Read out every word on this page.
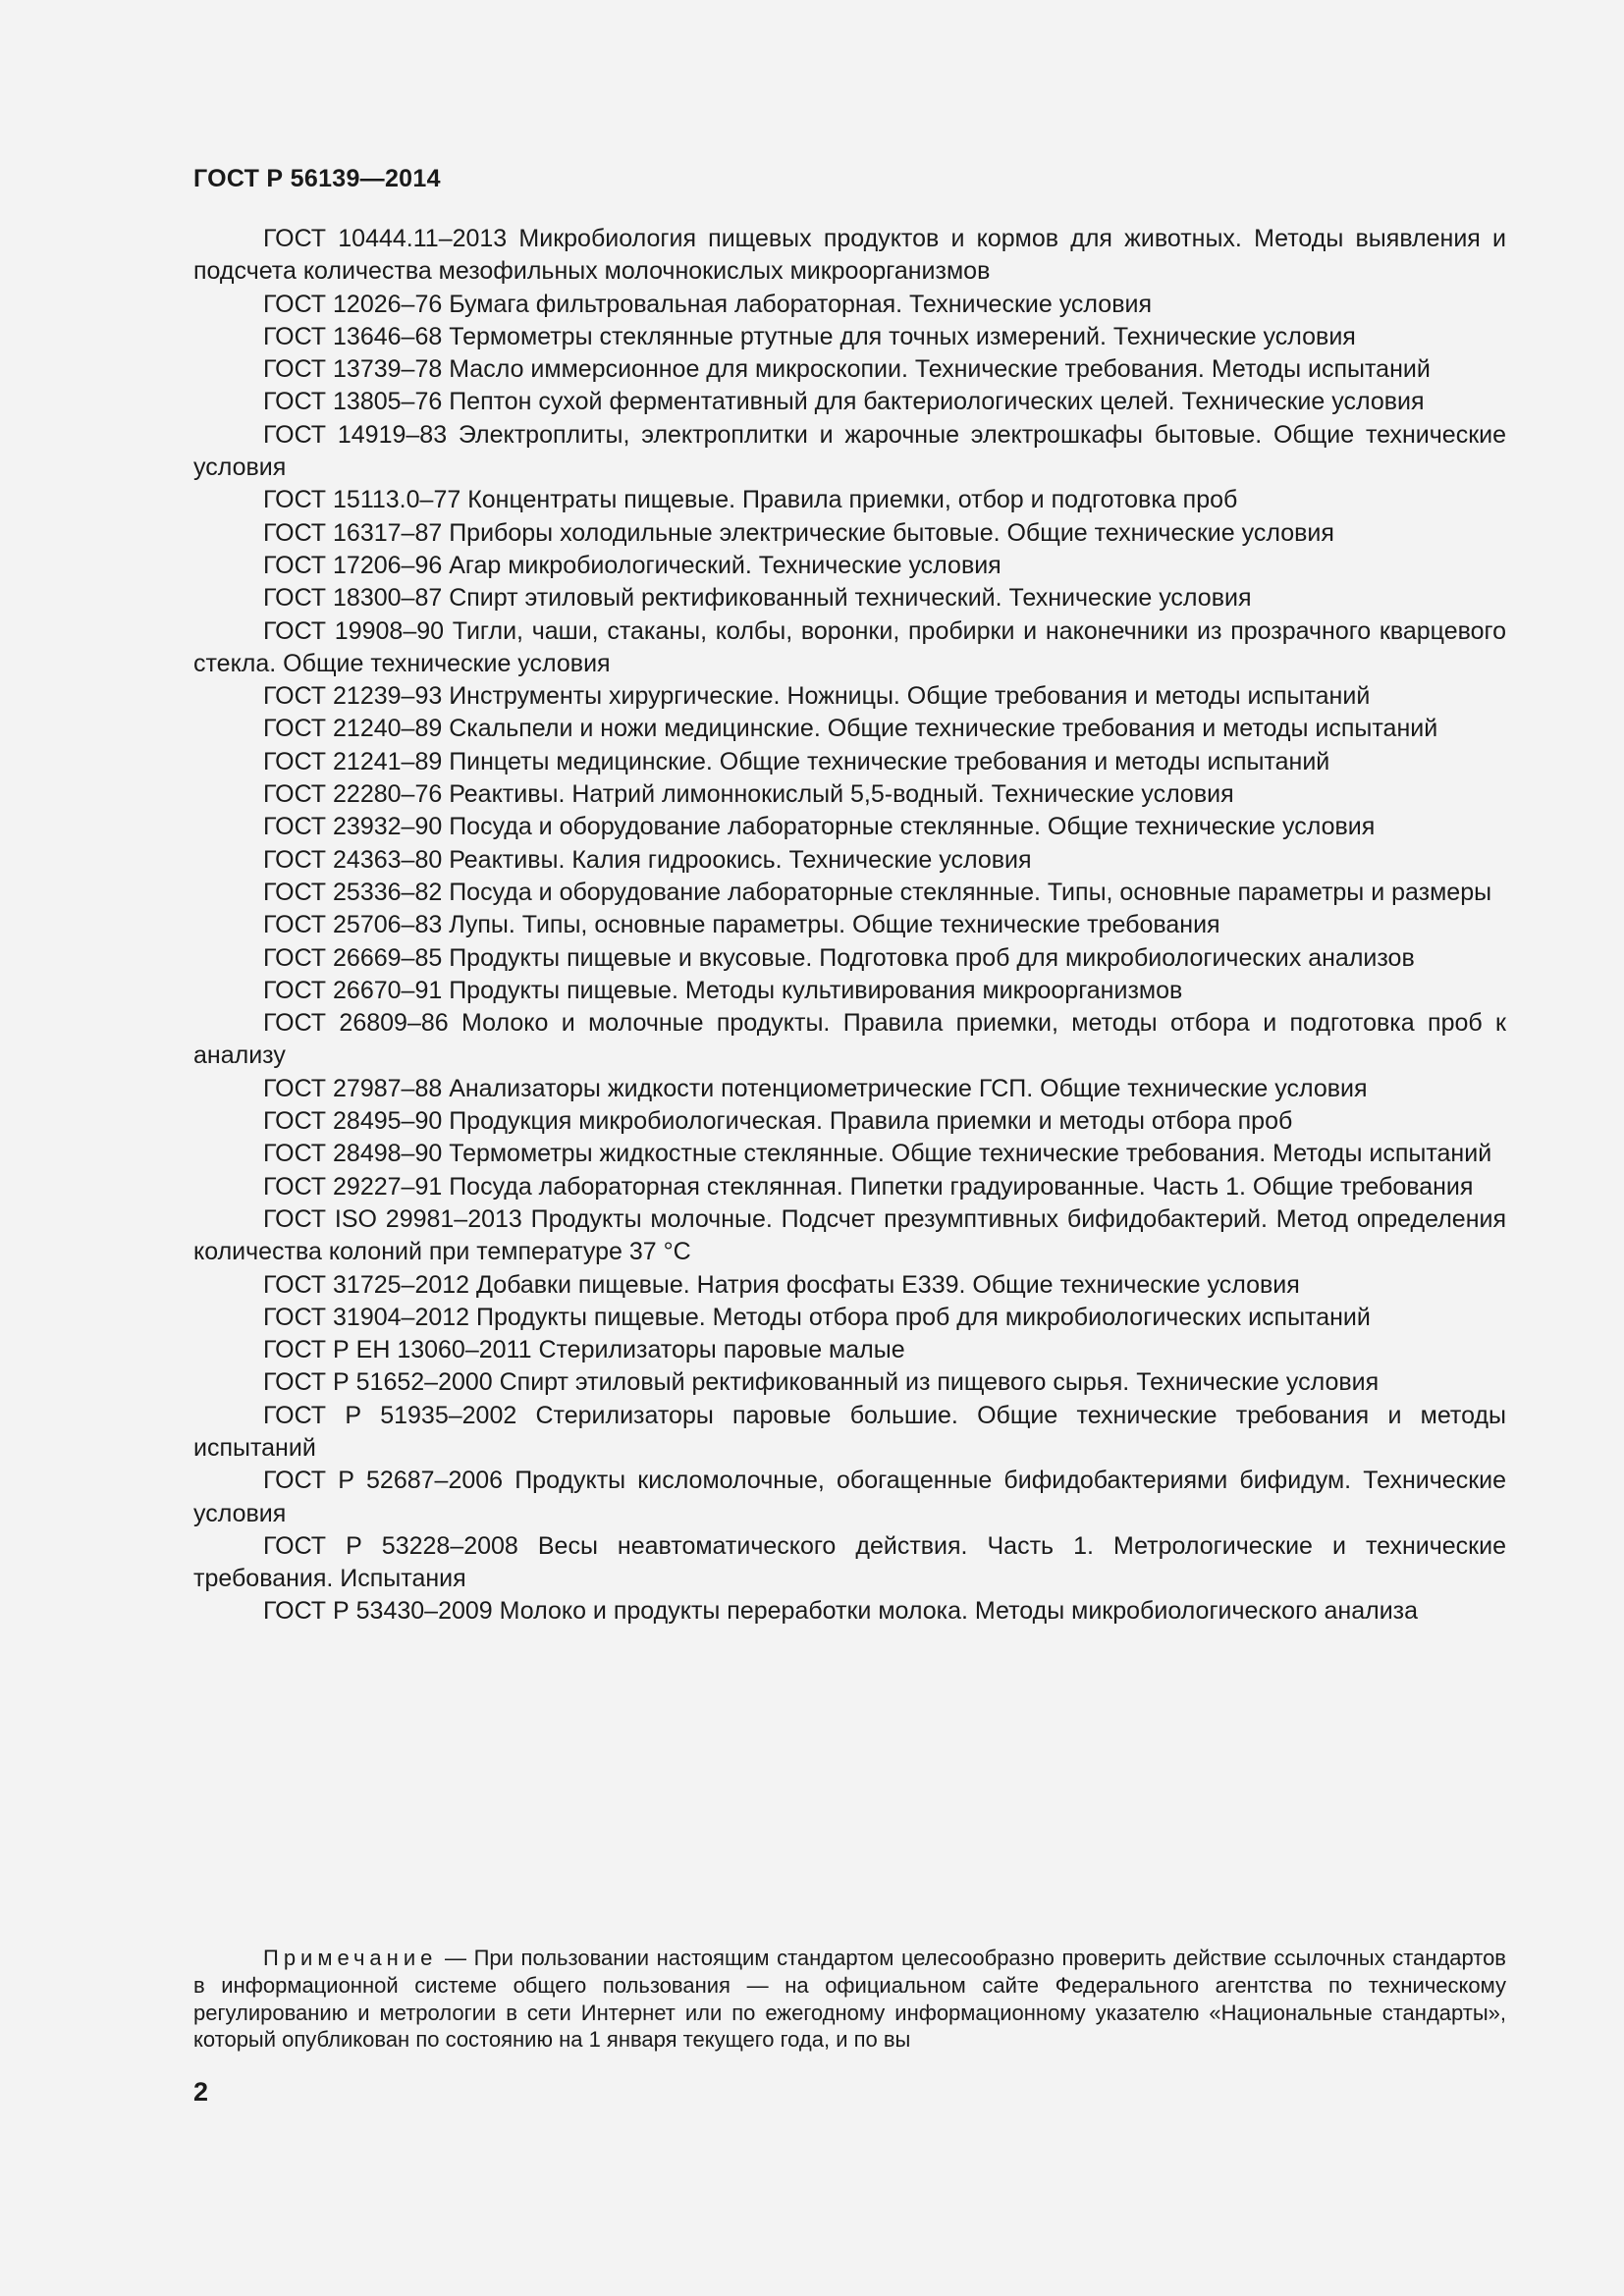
ГОСТ Р 56139—2014

ГОСТ 10444.11–2013 Микробиология пищевых продуктов и кормов для животных. Методы выявления и подсчета количества мезофильных молочнокислых микроорганизмов

ГОСТ 12026–76 Бумага фильтровальная лабораторная. Технические условия

ГОСТ 13646–68 Термометры стеклянные ртутные для точных измерений. Технические условия

ГОСТ 13739–78 Масло иммерсионное для микроскопии. Технические требования. Методы испытаний

ГОСТ 13805–76 Пептон сухой ферментативный для бактериологических целей. Технические условия

ГОСТ 14919–83 Электроплиты, электроплитки и жарочные электрошкафы бытовые. Общие технические условия

ГОСТ 15113.0–77 Концентраты пищевые. Правила приемки, отбор и подготовка проб

ГОСТ 16317–87 Приборы холодильные электрические бытовые. Общие технические условия

ГОСТ 17206–96 Агар микробиологический. Технические условия

ГОСТ 18300–87 Спирт этиловый ректификованный технический. Технические условия

ГОСТ 19908–90 Тигли, чаши, стаканы, колбы, воронки, пробирки и наконечники из прозрачного кварцевого стекла. Общие технические условия

ГОСТ 21239–93 Инструменты хирургические. Ножницы. Общие требования и методы испытаний

ГОСТ 21240–89 Скальпели и ножи медицинские. Общие технические требования и методы испытаний

ГОСТ 21241–89 Пинцеты медицинские. Общие технические требования и методы испытаний

ГОСТ 22280–76 Реактивы. Натрий лимоннокислый 5,5-водный. Технические условия

ГОСТ 23932–90 Посуда и оборудование лабораторные стеклянные. Общие технические условия

ГОСТ 24363–80 Реактивы. Калия гидроокись. Технические условия

ГОСТ 25336–82 Посуда и оборудование лабораторные стеклянные. Типы, основные параметры и размеры

ГОСТ 25706–83 Лупы. Типы, основные параметры. Общие технические требования

ГОСТ 26669–85 Продукты пищевые и вкусовые. Подготовка проб для микробиологических анализов

ГОСТ 26670–91 Продукты пищевые. Методы культивирования микроорганизмов

ГОСТ 26809–86 Молоко и молочные продукты. Правила приемки, методы отбора и подготовка проб к анализу

ГОСТ 27987–88 Анализаторы жидкости потенциометрические ГСП. Общие технические условия

ГОСТ 28495–90 Продукция микробиологическая. Правила приемки и методы отбора проб

ГОСТ 28498–90 Термометры жидкостные стеклянные. Общие технические требования. Методы испытаний

ГОСТ 29227–91 Посуда лабораторная стеклянная. Пипетки градуированные. Часть 1. Общие требования

ГОСТ ISO 29981–2013 Продукты молочные. Подсчет презумптивных бифидобактерий. Метод определения количества колоний при температуре 37 °С

ГОСТ 31725–2012 Добавки пищевые. Натрия фосфаты Е339. Общие технические условия

ГОСТ 31904–2012 Продукты пищевые. Методы отбора проб для микробиологических испытаний

ГОСТ Р ЕН 13060–2011 Стерилизаторы паровые малые

ГОСТ Р 51652–2000 Спирт этиловый ректификованный из пищевого сырья. Технические условия

ГОСТ Р 51935–2002 Стерилизаторы паровые большие. Общие технические требования и методы испытаний

ГОСТ Р 52687–2006 Продукты кисломолочные, обогащенные бифидобактериями бифидум. Технические условия

ГОСТ Р 53228–2008 Весы неавтоматического действия. Часть 1. Метрологические и технические требования. Испытания

ГОСТ Р 53430–2009 Молоко и продукты переработки молока. Методы микробиологического анализа

Примечание — При пользовании настоящим стандартом целесообразно проверить действие ссылочных стандартов в информационной системе общего пользования — на официальном сайте Федерального агентства по техническому регулированию и метрологии в сети Интернет или по ежегодному информационному указателю «Национальные стандарты», который опубликован по состоянию на 1 января текущего года, и по вы

2
